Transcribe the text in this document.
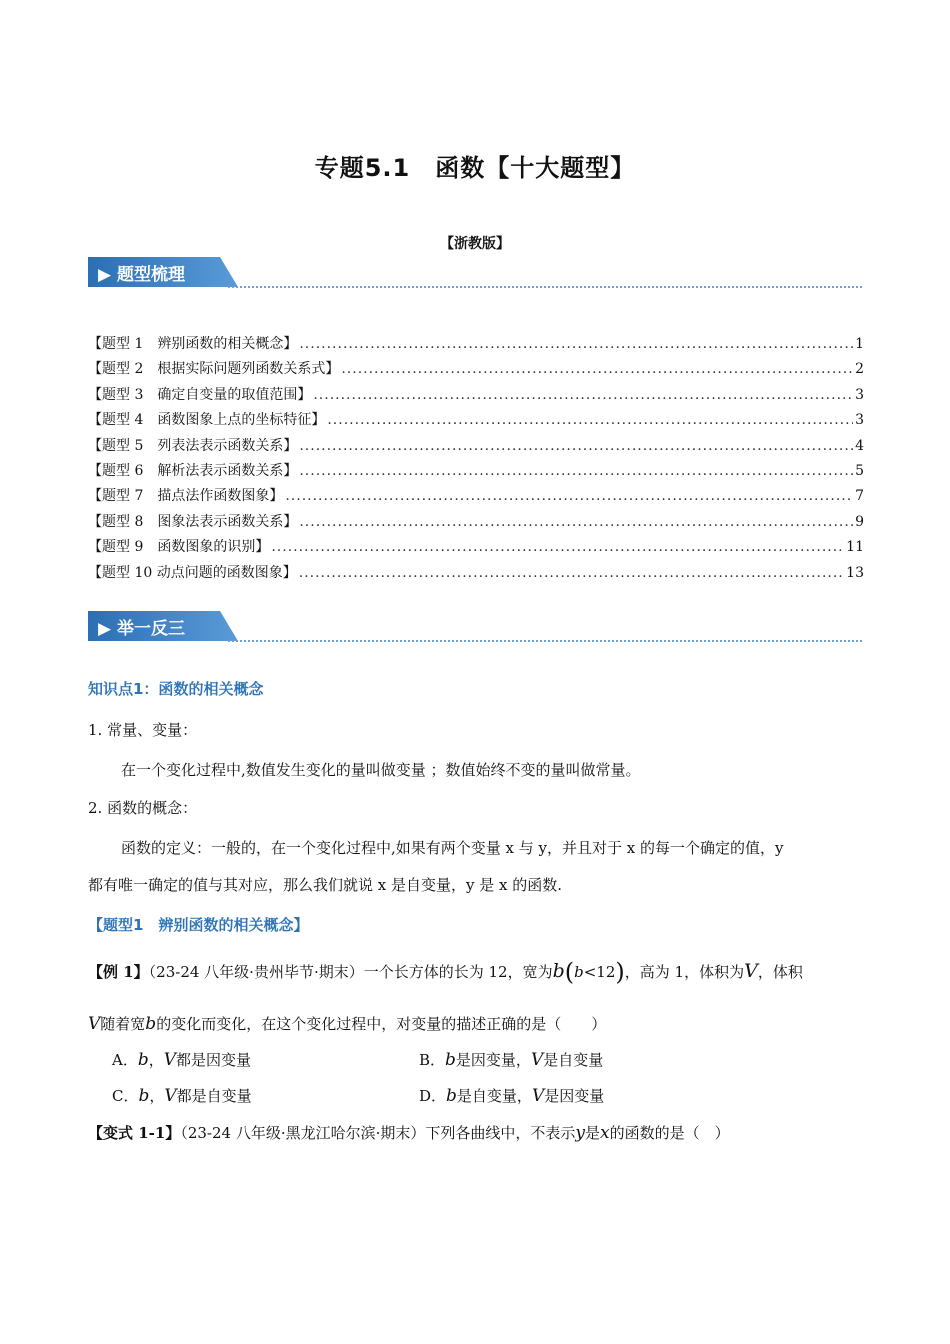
专题5.1　函数【十大题型】
【浙教版】
▶ 题型梳理
【题型 1　辨别函数的相关概念】 .....	1
【题型 2　根据实际问题列函数关系式】 .....	2
【题型 3　确定自变量的取值范围】 .....	3
【题型 4　函数图象上点的坐标特征】 .....	3
【题型 5　列表法表示函数关系】 .....	4
【题型 6　解析法表示函数关系】 .....	5
【题型 7　描点法作函数图象】 .....	7
【题型 8　图象法表示函数关系】 .....	9
【题型 9　函数图象的识别】 .....	11
【题型 10 动点问题的函数图象】 .....	13
▶ 举一反三
知识点1：函数的相关概念
1. 常量、变量：
在一个变化过程中,数值发生变化的量叫做变量 ；数值始终不变的量叫做常量。
2. 函数的概念：
函数的定义：一般的，在一个变化过程中,如果有两个变量 x 与 y，并且对于 x 的每一个确定的值，y
都有唯一确定的值与其对应，那么我们就说 x 是自变量，y 是 x 的函数.
【题型1　辨别函数的相关概念】
【例 1】（23-24 八年级·贵州毕节·期末）一个长方体的长为 12，宽为b(b<12)，高为 1，体积为V，体积
V随着宽b的变化而变化，在这个变化过程中，对变量的描述正确的是（　　）
A．b，V都是因变量	B．b是因变量，V是自变量
C．b，V都是自变量	D．b是自变量，V是因变量
【变式 1-1】（23-24 八年级·黑龙江哈尔滨·期末）下列各曲线中，不表示y是x的函数的是（　）
